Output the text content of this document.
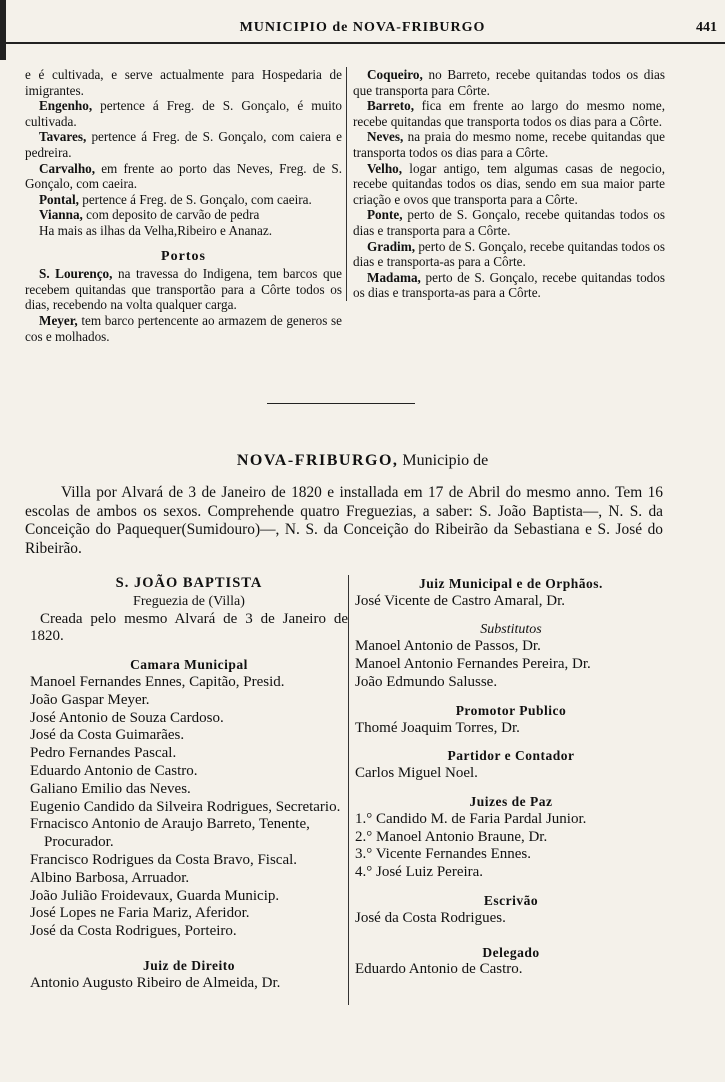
MUNICIPIO de NOVA-FRIBURGO	441

e é cultivada, e serve actualmente para Hospedaria de imigrantes.

Engenho, pertence á Freg. de S. Gonçalo, é muito cultivada.

Tavares, pertence á Freg. de S. Gonçalo, com caiera e pedreira.

Carvalho, em frente ao porto das Neves, Freg. de S. Gonçalo, com caeira.

Pontal, pertence á Freg. de S. Gonçalo, com caeira.

Vianna, com deposito de carvão de pedra

Ha mais as ilhas da Velha,Ribeiro e Ananaz.

Portos

S. Lourenço, na travessa do Indigena, tem barcos que recebem quitandas que transportão para a Côrte todos os dias, recebendo na volta qualquer carga.

Meyer, tem barco pertencente ao armazem de generos se cos e molhados.

Coqueiro, no Barreto, recebe quitandas todos os dias que transporta para Côrte.

Barreto, fica em frente ao largo do mesmo nome, recebe quitandas que transporta todos os dias para a Côrte.

Neves, na praia do mesmo nome, recebe quitandas que transporta todos os dias para a Côrte.

Velho, logar antigo, tem algumas casas de negocio, recebe quitandas todos os dias, sendo em sua maior parte criação e ovos que transporta para a Côrte.

Ponte, perto de S. Gonçalo, recebe quitandas todos os dias e transporta para a Côrte.

Gradim, perto de S. Gonçalo, recebe quitandas todos os dias e transporta-as para a Côrte.

Madama, perto de S. Gonçalo, recebe quitandas todos os dias e transporta-as para a Côrte.

NOVA-FRIBURGO, Municipio de

Villa por Alvará de 3 de Janeiro de 1820 e installada em 17 de Abril do mesmo anno. Tem 16 escolas de ambos os sexos. Comprehende quatro Freguezias, a saber: S. João Baptista—, N. S. da Conceição do Paquequer(Sumidouro)—, N. S. da Conceição do Ribeirão da Sebastiana e S. José do Ribeirão.

S. JOÃO BAPTISTA
Freguezia de (Villa)
Creada pelo mesmo Alvará de 3 de Janeiro de 1820.
Camara Municipal
Manoel Fernandes Ennes, Capitão, Presid.
João Gaspar Meyer.
José Antonio de Souza Cardoso.
José da Costa Guimarães.
Pedro Fernandes Pascal.
Eduardo Antonio de Castro.
Galiano Emilio das Neves.
Eugenio Candido da Silveira Rodrigues, Secretario.
Frnacisco Antonio de Araujo Barreto, Tenente, Procurador.
Francisco Rodrigues da Costa Bravo, Fiscal.
Albino Barbosa, Arruador.
João Julião Froidevaux, Guarda Municip.
José Lopes ne Faria Mariz, Aferidor.
José da Costa Rodrigues, Porteiro.
Juiz de Direito
Antonio Augusto Ribeiro de Almeida, Dr.
Juiz Municipal e de Orphãos.
José Vicente de Castro Amaral, Dr.
Substitutos
Manoel Antonio de Passos, Dr.
Manoel Antonio Fernandes Pereira, Dr.
João Edmundo Salusse.
Promotor Publico
Thomé Joaquim Torres, Dr.
Partidor e Contador
Carlos Miguel Noel.
Juizes de Paz
1.° Candido M. de Faria Pardal Junior.
2.° Manoel Antonio Braune, Dr.
3.° Vicente Fernandes Ennes.
4.° José Luiz Pereira.
Escrivão
José da Costa Rodrigues.
Delegado
Eduardo Antonio de Castro.
